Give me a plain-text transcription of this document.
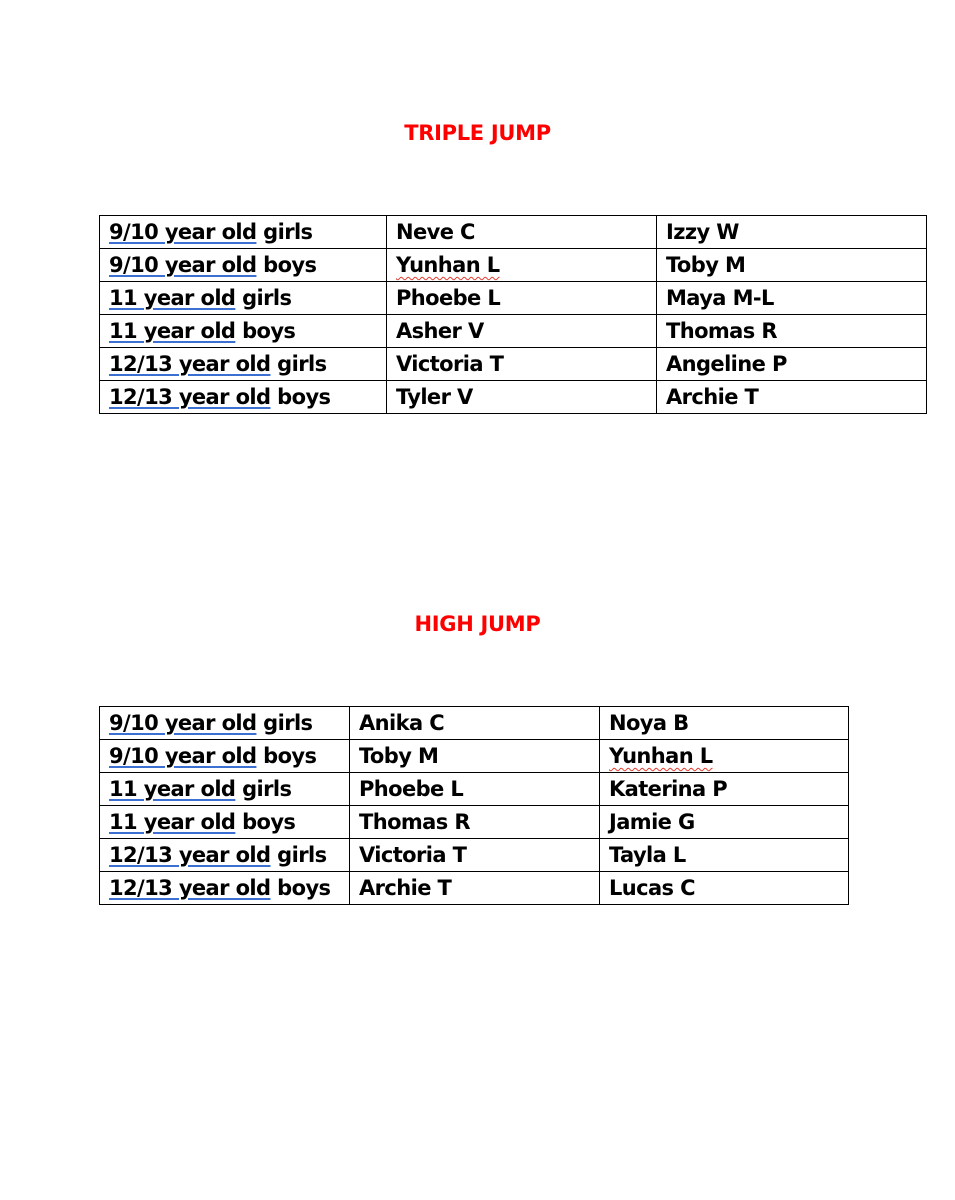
TRIPLE JUMP
9/10 year old girls	Neve C	Izzy W
9/10 year old boys	Yunhan L	Toby M
11 year old girls	Phoebe L	Maya M-L
11 year old boys	Asher V	Thomas R
12/13 year old girls	Victoria T	Angeline P
12/13 year old boys	Tyler V	Archie T
HIGH JUMP
9/10 year old girls	Anika C	Noya B
9/10 year old boys	Toby M	Yunhan L
11 year old girls	Phoebe L	Katerina P
11 year old boys	Thomas R	Jamie G
12/13 year old girls	Victoria T	Tayla L
12/13 year old boys	Archie T	Lucas C
